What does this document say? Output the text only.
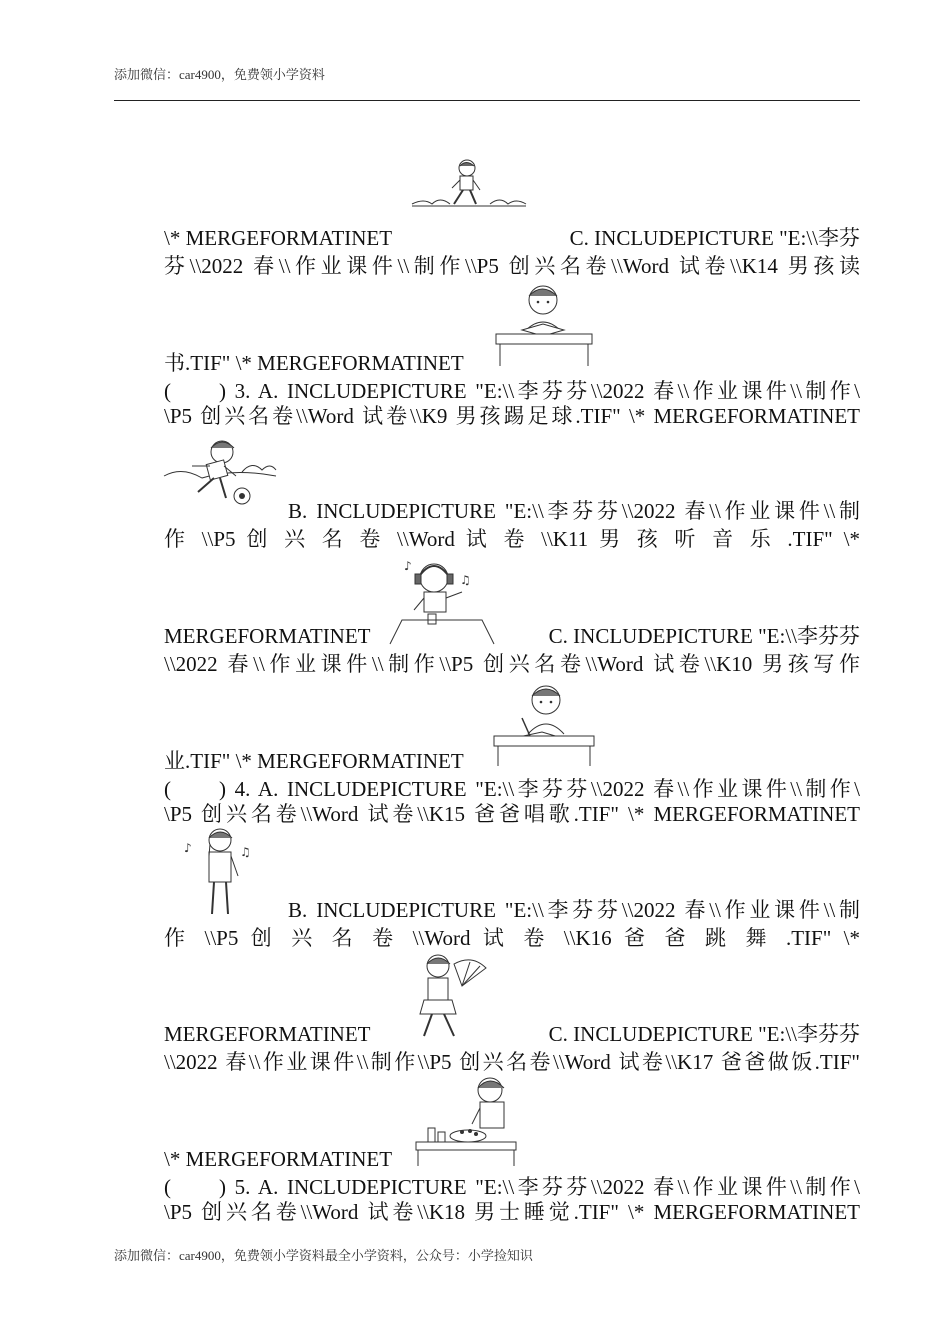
添加微信：car4900，免费领小学资料
\* MERGEFORMATINET	C. INCLUDEPICTURE "E:\\李芬
芬\\2022 春\\作业课件\\制作\\P5 创兴名卷\\Word 试卷\\K14 男孩读
书.TIF" \* MERGEFORMATINET
( ) 3. A. INCLUDEPICTURE "E:\\李芬芬\\2022 春\\作业课件\\制作\
\P5 创兴名卷\\Word 试卷\\K9 男孩踢足球.TIF" \* MERGEFORMATINET
B. INCLUDEPICTURE "E:\\李芬芬\\2022 春\\作业课件\\制
作 \\P5 创 兴 名 卷 \\Word 试 卷 \\K11 男 孩 听 音 乐 .TIF" \*
♪
♫
MERGEFORMATINET	C. INCLUDEPICTURE "E:\\李芬芬
\\2022 春\\作业课件\\制作\\P5 创兴名卷\\Word 试卷\\K10 男孩写作
业.TIF" \* MERGEFORMATINET
( ) 4. A. INCLUDEPICTURE "E:\\李芬芬\\2022 春\\作业课件\\制作\
\P5 创兴名卷\\Word 试卷\\K15 爸爸唱歌.TIF" \* MERGEFORMATINET
♪	♫
B. INCLUDEPICTURE "E:\\李芬芬\\2022 春\\作业课件\\制
作 \\P5 创 兴 名 卷 \\Word 试 卷 \\K16 爸 爸 跳 舞 .TIF" \*
MERGEFORMATINET	C. INCLUDEPICTURE "E:\\李芬芬
\\2022 春\\作业课件\\制作\\P5 创兴名卷\\Word 试卷\\K17 爸爸做饭.TIF"
\* MERGEFORMATINET
( ) 5. A. INCLUDEPICTURE "E:\\李芬芬\\2022 春\\作业课件\\制作\
\P5 创兴名卷\\Word 试卷\\K18 男士睡觉.TIF" \* MERGEFORMATINET
添加微信：car4900，免费领小学资料最全小学资料，公众号：小学捡知识
